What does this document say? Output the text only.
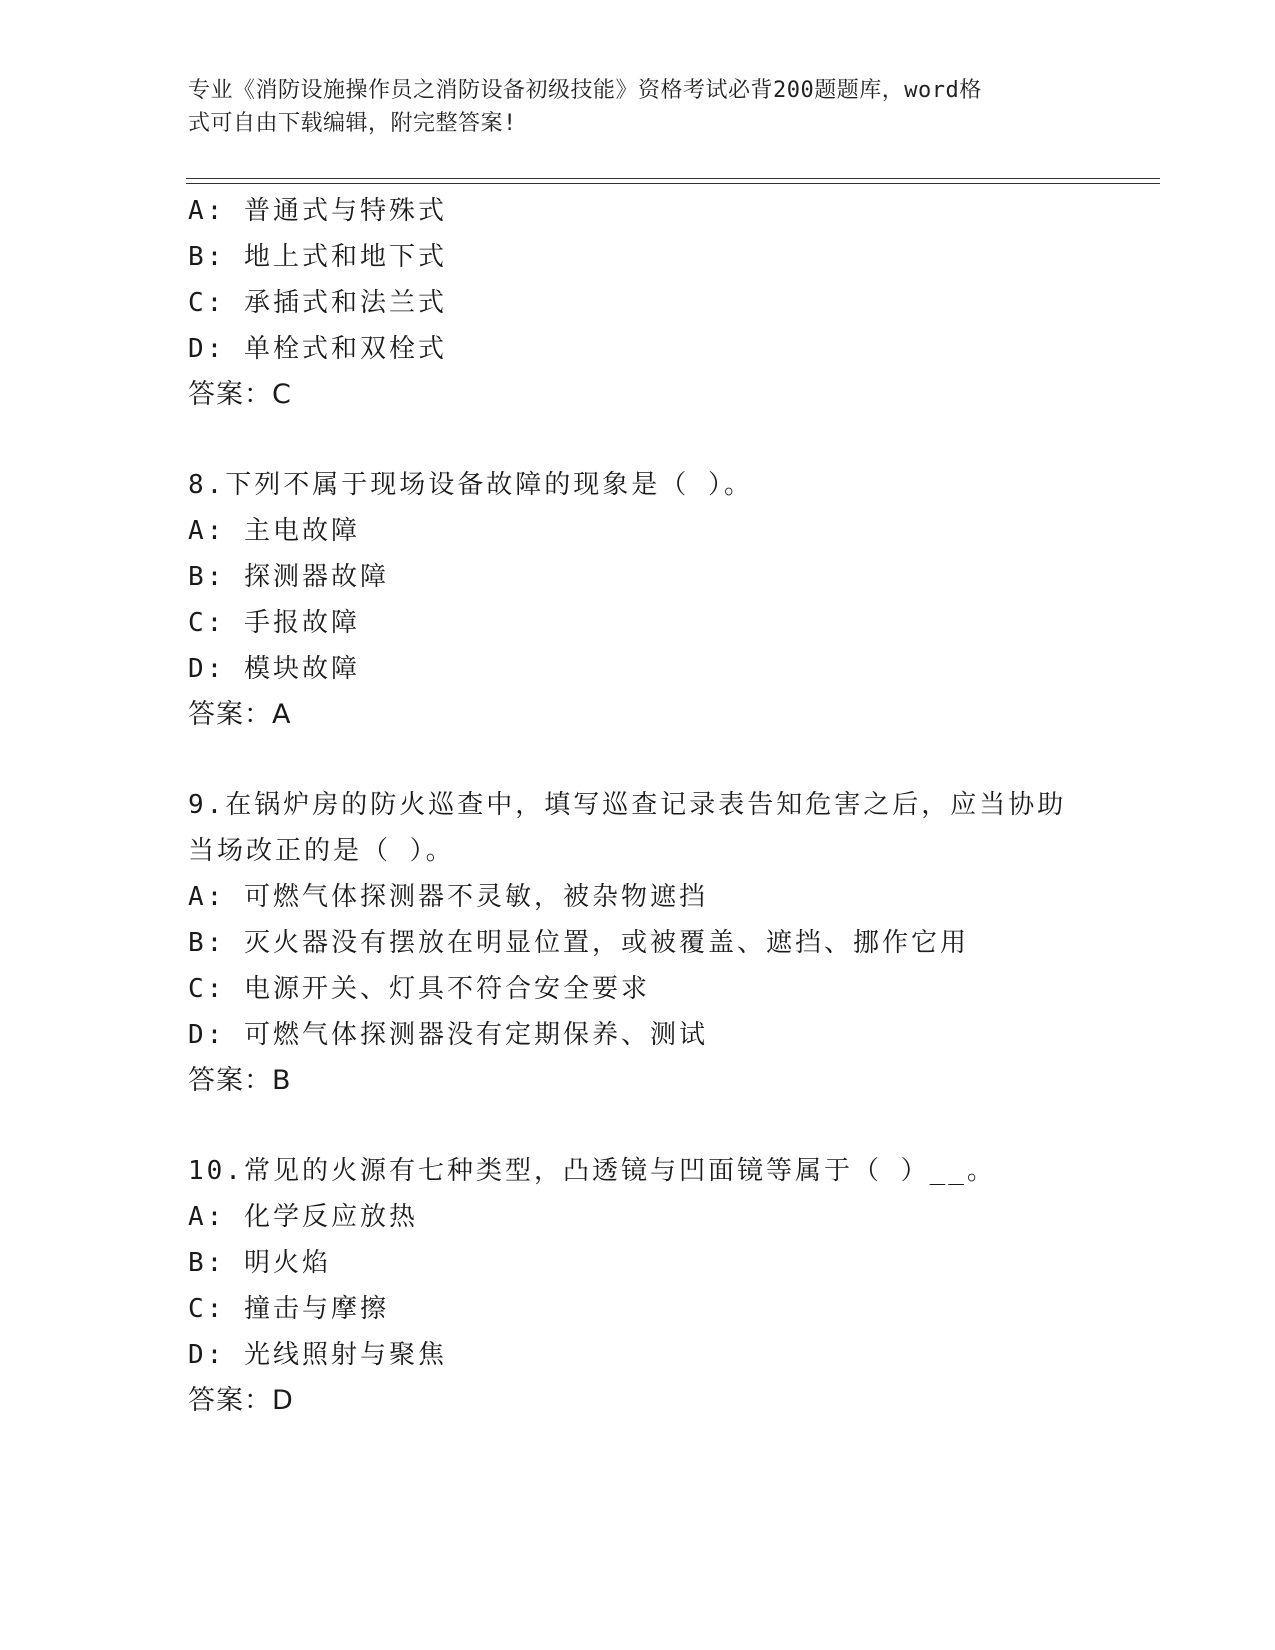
专业《消防设施操作员之消防设备初级技能》资格考试必背200题题库，word格
式可自由下载编辑，附完整答案!
A: 普通式与特殊式
B: 地上式和地下式
C: 承插式和法兰式
D: 单栓式和双栓式
答案：C
8.下列不属于现场设备故障的现象是（ ）。
A: 主电故障
B: 探测器故障
C: 手报故障
D: 模块故障
答案：A
9.在锅炉房的防火巡查中，填写巡查记录表告知危害之后，应当协助
当场改正的是（ ）。
A: 可燃气体探测器不灵敏，被杂物遮挡
B: 灭火器没有摆放在明显位置，或被覆盖、遮挡、挪作它用
C: 电源开关、灯具不符合安全要求
D: 可燃气体探测器没有定期保养、测试
答案：B
10.常见的火源有七种类型，凸透镜与凹面镜等属于（ ）__。
A: 化学反应放热
B: 明火焰
C: 撞击与摩擦
D: 光线照射与聚焦
答案：D
